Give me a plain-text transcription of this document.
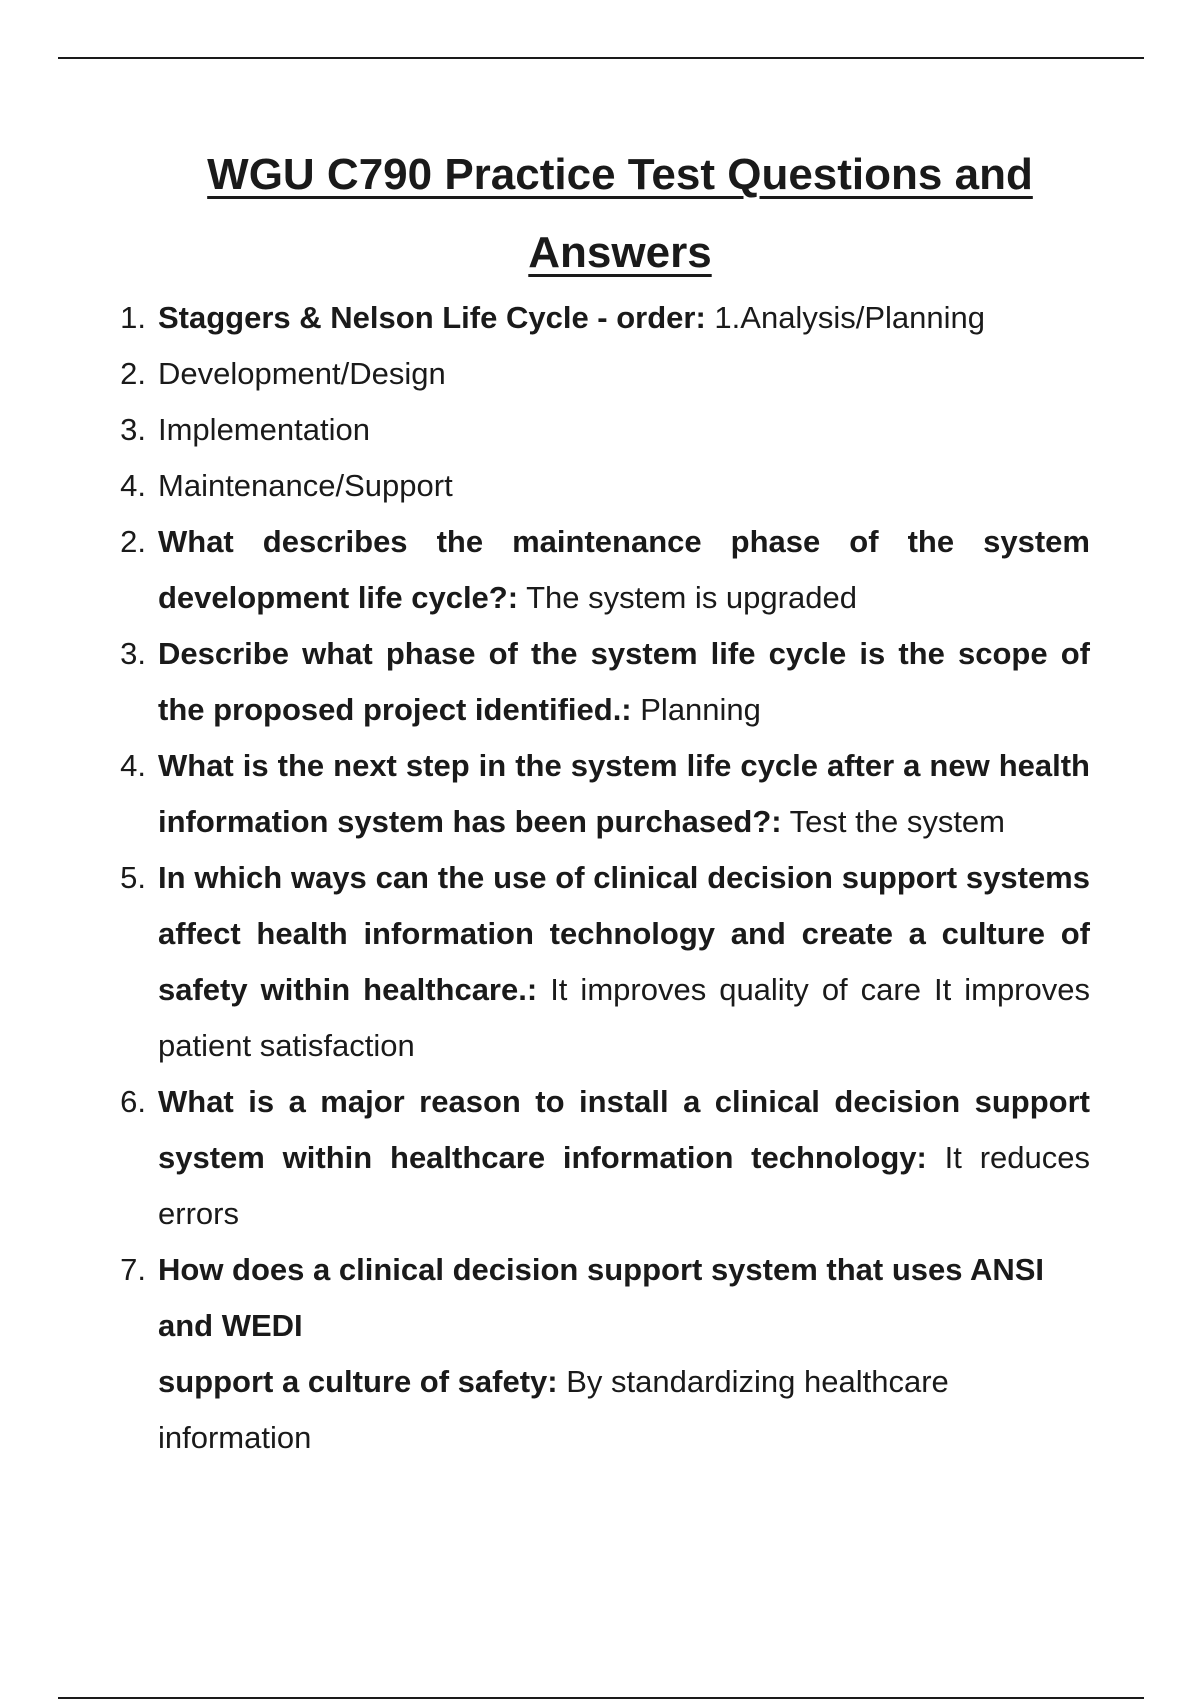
WGU C790 Practice Test Questions and Answers
1. Staggers & Nelson Life Cycle - order: 1.Analysis/Planning
2. Development/Design
3. Implementation
4. Maintenance/Support
2. What describes the maintenance phase of the system development life cycle?: The system is upgraded
3. Describe what phase of the system life cycle is the scope of the proposed project identified.: Planning
4. What is the next step in the system life cycle after a new health information system has been purchased?: Test the system
5. In which ways can the use of clinical decision support systems affect health information technology and create a culture of safety within healthcare.: It improves quality of care It improves patient satisfaction
6. What is a major reason to install a clinical decision support system within healthcare information technology: It reduces errors
7. How does a clinical decision support system that uses ANSI and WEDI
support a culture of safety: By standardizing healthcare information
